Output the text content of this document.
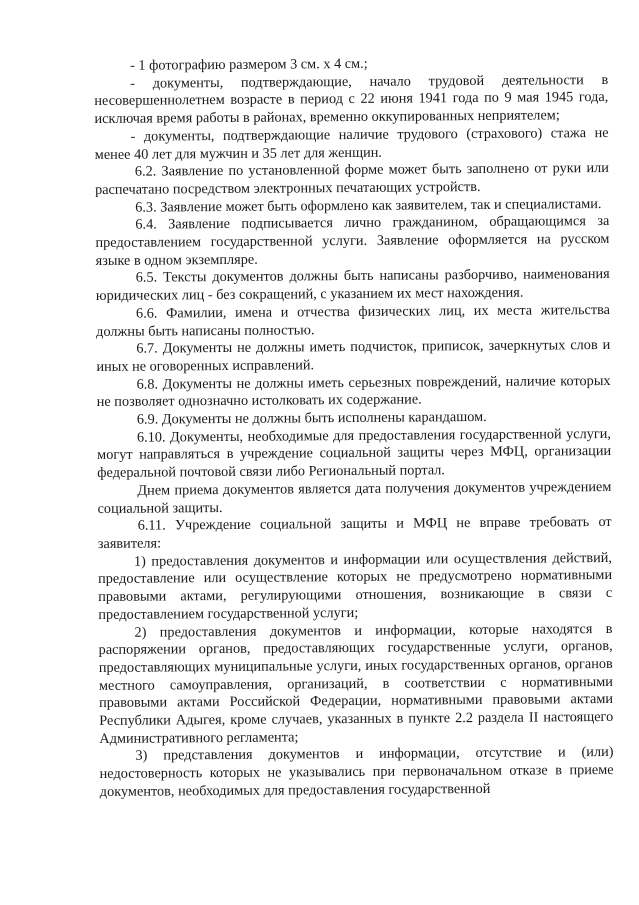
- 1 фотографию размером 3 см. х 4 см.;

- документы, подтверждающие, начало трудовой деятельности в несовершеннолетнем возрасте в период с 22 июня 1941 года по 9 мая 1945 года, исключая время работы в районах, временно оккупированных неприятелем;

- документы, подтверждающие наличие трудового (страхового) стажа не менее 40 лет для мужчин и 35 лет для женщин.

6.2. Заявление по установленной форме может быть заполнено от руки или распечатано посредством электронных печатающих устройств.

6.3. Заявление может быть оформлено как заявителем, так и специалистами.

6.4. Заявление подписывается лично гражданином, обращающимся за предоставлением государственной услуги. Заявление оформляется на русском языке в одном экземпляре.

6.5. Тексты документов должны быть написаны разборчиво, наименования юридических лиц - без сокращений, с указанием их мест нахождения.

6.6. Фамилии, имена и отчества физических лиц, их места жительства должны быть написаны полностью.

6.7. Документы не должны иметь подчисток, приписок, зачеркнутых слов и иных не оговоренных исправлений.

6.8. Документы не должны иметь серьезных повреждений, наличие которых не позволяет однозначно истолковать их содержание.

6.9. Документы не должны быть исполнены карандашом.

6.10. Документы, необходимые для предоставления государственной услуги, могут направляться в учреждение социальной защиты через МФЦ, организации федеральной почтовой связи либо Региональный портал.

Днем приема документов является дата получения документов учреждением социальной защиты.

6.11. Учреждение социальной защиты и МФЦ не вправе требовать от заявителя:

1) предоставления документов и информации или осуществления действий, предоставление или осуществление которых не предусмотрено нормативными правовыми актами, регулирующими отношения, возникающие в связи с предоставлением государственной услуги;

2) предоставления документов и информации, которые находятся в распоряжении органов, предоставляющих государственные услуги, органов, предоставляющих муниципальные услуги, иных государственных органов, органов местного самоуправления, организаций, в соответствии с нормативными правовыми актами Российской Федерации, нормативными правовыми актами Республики Адыгея, кроме случаев, указанных в пункте 2.2 раздела II настоящего Административного регламента;

3) представления документов и информации, отсутствие и (или) недостоверность которых не указывались при первоначальном отказе в приеме документов, необходимых для предоставления государственной
